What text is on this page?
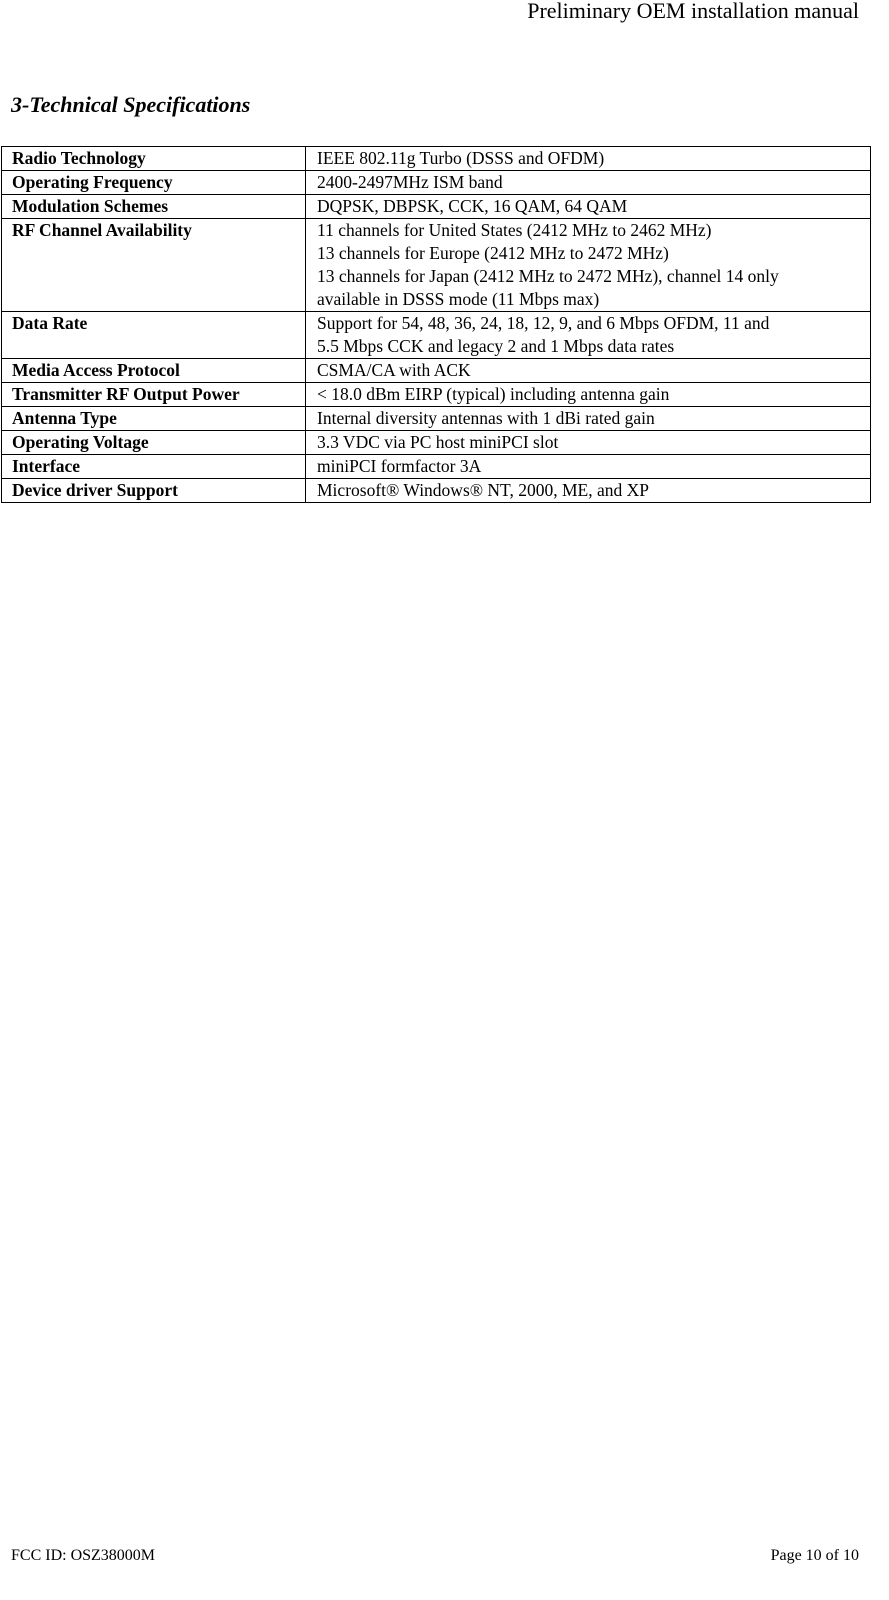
Preliminary OEM installation manual
3-Technical Specifications
Radio Technology	IEEE 802.11g Turbo (DSSS and OFDM)

Operating Frequency	2400-2497MHz ISM band

Modulation Schemes	DQPSK, DBPSK, CCK, 16 QAM, 64 QAM

RF Channel Availability	11 channels for United States (2412 MHz to 2462 MHz)
13 channels for Europe (2412 MHz to 2472 MHz)
13 channels for Japan (2412 MHz to 2472 MHz), channel 14 only
available in DSSS mode (11 Mbps max)

Data Rate	Support for 54, 48, 36, 24, 18, 12, 9, and 6 Mbps OFDM, 11 and
5.5 Mbps CCK and legacy 2 and 1 Mbps data rates

Media Access Protocol	CSMA/CA with ACK

Transmitter RF Output Power	< 18.0 dBm EIRP (typical) including antenna gain

Antenna Type	Internal diversity antennas with 1 dBi rated gain

Operating Voltage	3.3 VDC via PC host miniPCI slot

Interface	miniPCI formfactor 3A

Device driver Support	Microsoft® Windows® NT, 2000, ME, and XP
FCC ID: OSZ38000M	Page 10 of 10
